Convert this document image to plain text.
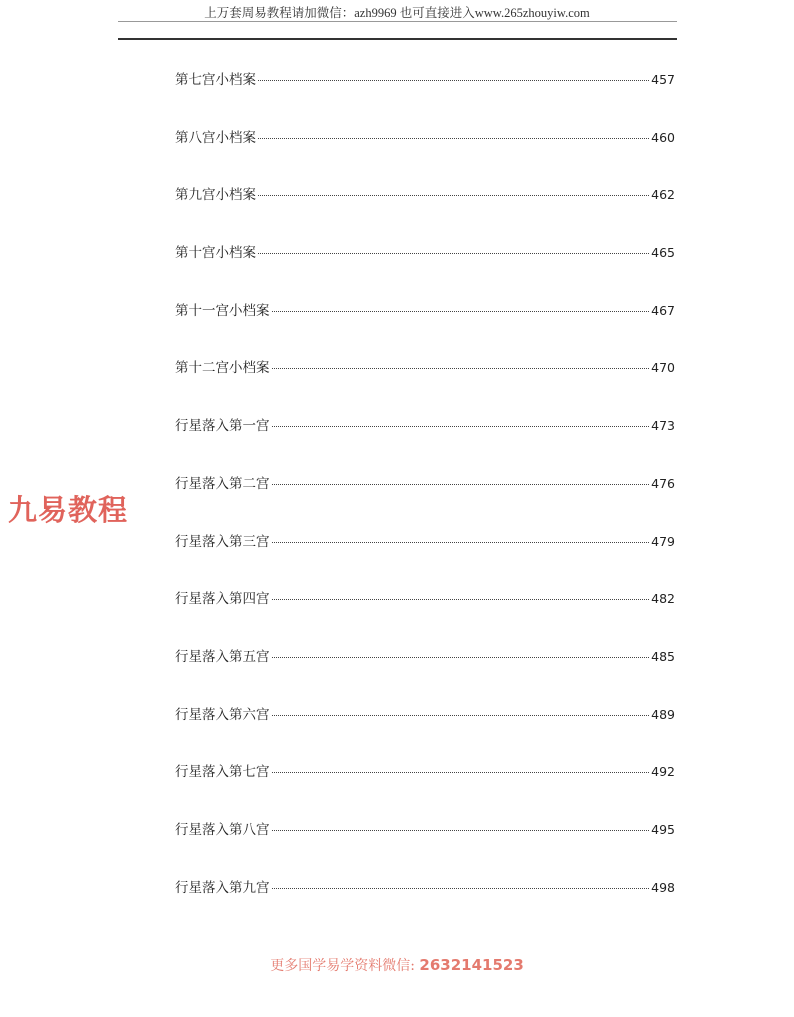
上万套周易教程请加微信：azh9969 也可直接进入www.265zhouyiw.com
第七宫小档案	457
第八宫小档案	460
第九宫小档案	462
第十宫小档案	465
第十一宫小档案	467
第十二宫小档案	470
行星落入第一宫	473
行星落入第二宫	476
行星落入第三宫	479
行星落入第四宫	482
行星落入第五宫	485
行星落入第六宫	489
行星落入第七宫	492
行星落入第八宫	495
行星落入第九宫	498
九易教程
更多国学易学资料微信: 2632141523
